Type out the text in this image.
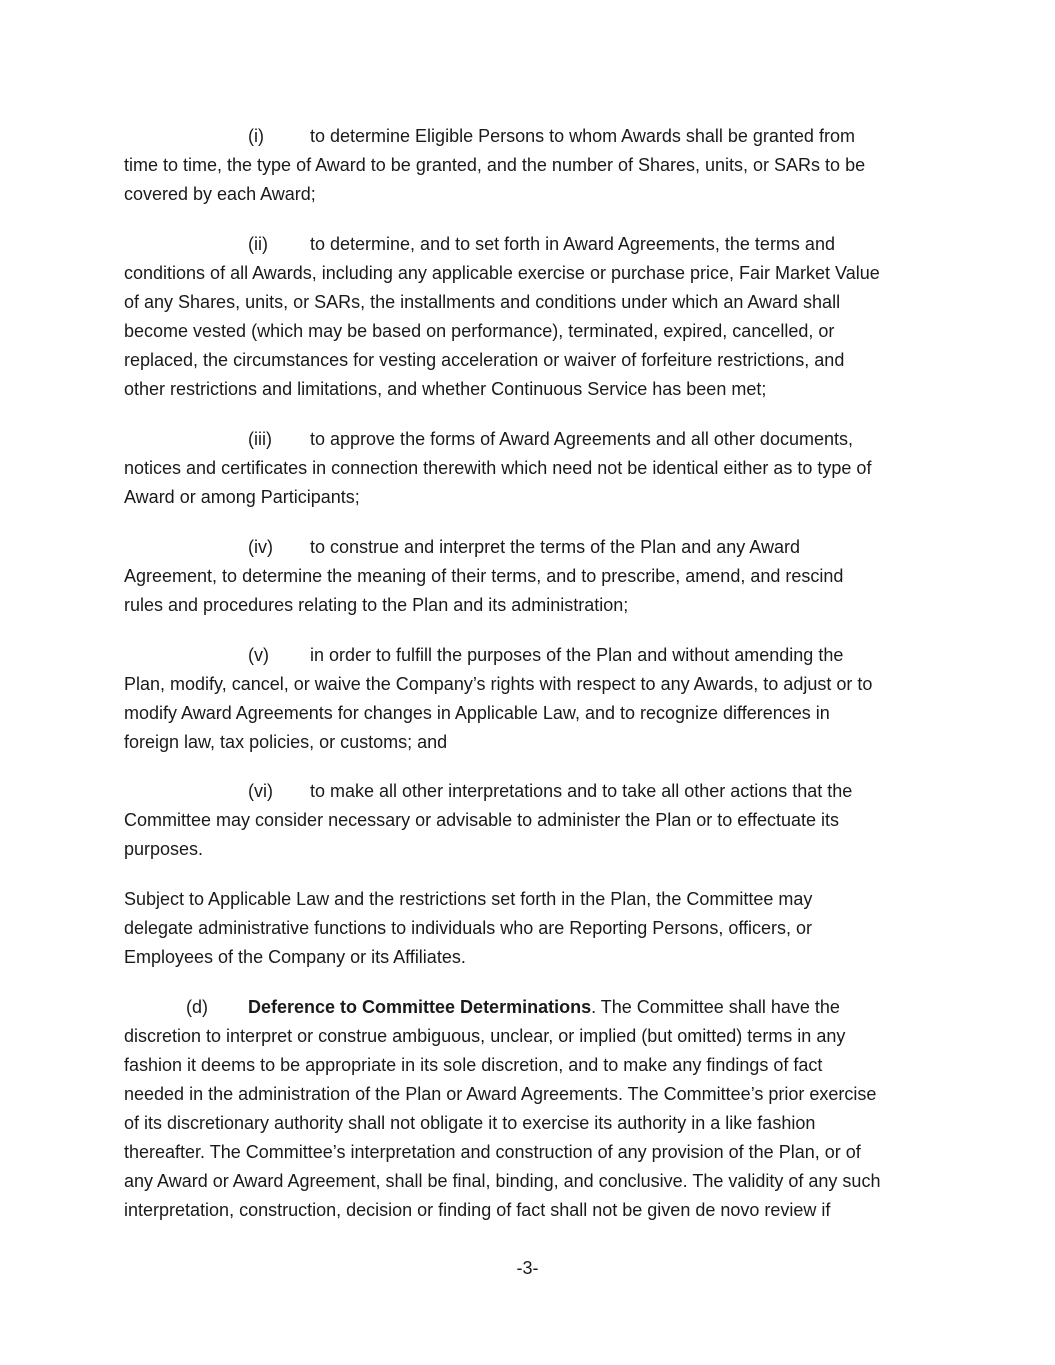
(i)	to determine Eligible Persons to whom Awards shall be granted from
time to time, the type of Award to be granted, and the number of Shares, units, or SARs to be
covered by each Award;

(ii) to determine, and to set forth in Award Agreements, the terms and
conditions of all Awards, including any applicable exercise or purchase price, Fair Market Value
of any Shares, units, or SARs, the installments and conditions under which an Award shall
become vested (which may be based on performance), terminated, expired, cancelled, or
replaced, the circumstances for vesting acceleration or waiver of forfeiture restrictions, and
other restrictions and limitations, and whether Continuous Service has been met;

(iii) to approve the forms of Award Agreements and all other documents,
notices and certificates in connection therewith which need not be identical either as to type of
Award or among Participants;

(iv) to construe and interpret the terms of the Plan and any Award
Agreement, to determine the meaning of their terms, and to prescribe, amend, and rescind
rules and procedures relating to the Plan and its administration;

(v) in order to fulfill the purposes of the Plan and without amending the
Plan, modify, cancel, or waive the Company’s rights with respect to any Awards, to adjust or to
modify Award Agreements for changes in Applicable Law, and to recognize differences in
foreign law, tax policies, or customs; and

(vi) to make all other interpretations and to take all other actions that the
Committee may consider necessary or advisable to administer the Plan or to effectuate its
purposes.

Subject to Applicable Law and the restrictions set forth in the Plan, the Committee may
delegate administrative functions to individuals who are Reporting Persons, officers, or
Employees of the Company or its Affiliates.

(d) Deference to Committee Determinations. The Committee shall have the
discretion to interpret or construe ambiguous, unclear, or implied (but omitted) terms in any
fashion it deems to be appropriate in its sole discretion, and to make any findings of fact
needed in the administration of the Plan or Award Agreements. The Committee’s prior exercise
of its discretionary authority shall not obligate it to exercise its authority in a like fashion
thereafter. The Committee’s interpretation and construction of any provision of the Plan, or of
any Award or Award Agreement, shall be final, binding, and conclusive. The validity of any such
interpretation, construction, decision or finding of fact shall not be given de novo review if

-3-
